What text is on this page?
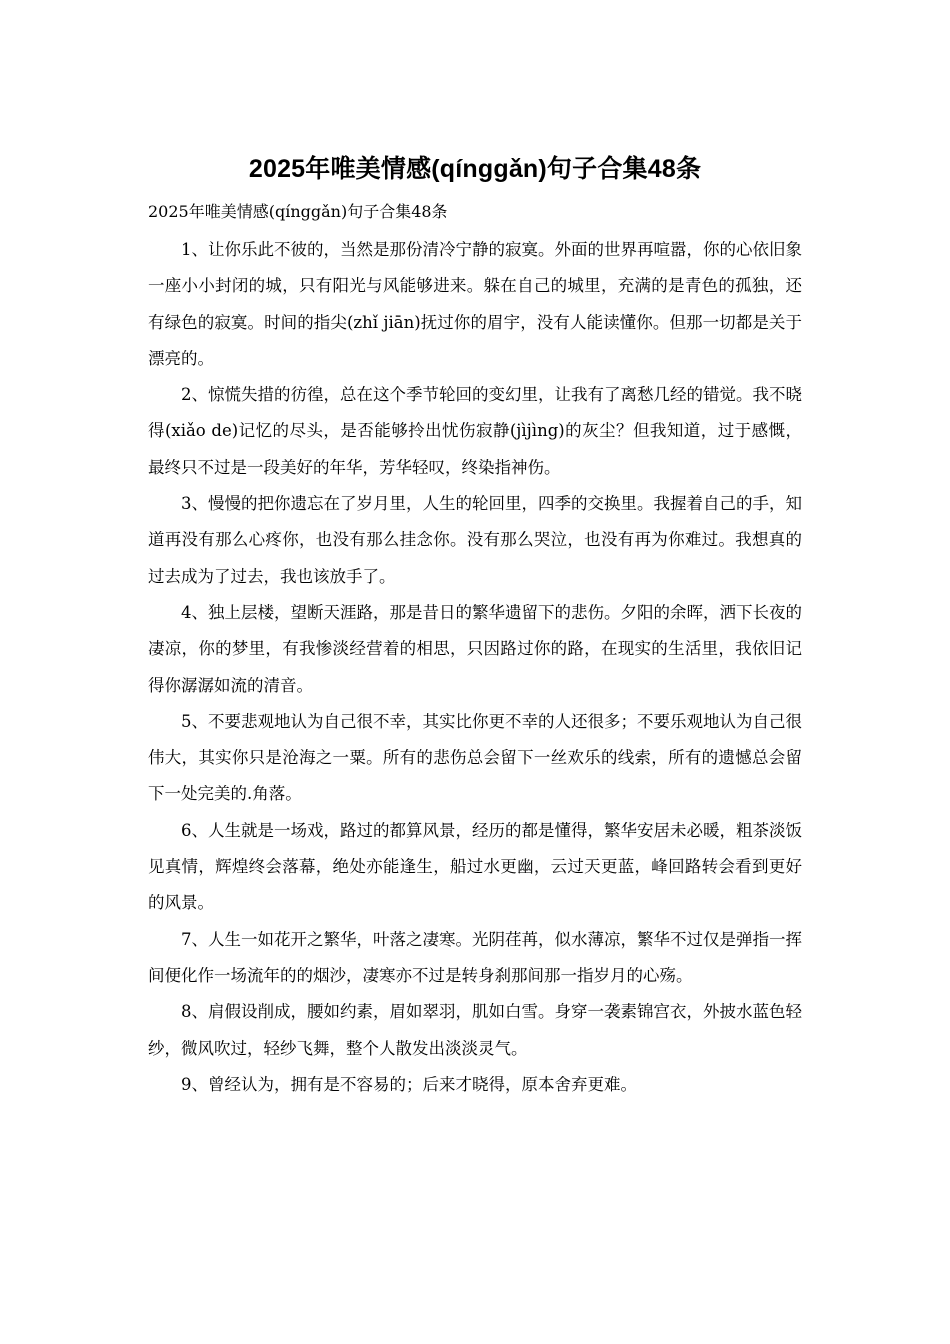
2025年唯美情感(qínggǎn)句子合集48条

2025年唯美情感(qínggǎn)句子合集48条

1、让你乐此不彼的，当然是那份清冷宁静的寂寞。外面的世界再喧嚣，你的心依旧象一座小小封闭的城，只有阳光与风能够进来。躲在自己的城里，充满的是青色的孤独，还有绿色的寂寞。时间的指尖(zhǐ jiān)抚过你的眉宇，没有人能读懂你。但那一切都是关于漂亮的。

2、惊慌失措的彷徨，总在这个季节轮回的变幻里，让我有了离愁几经的错觉。我不晓得(xiǎo de)记忆的尽头，是否能够拎出忧伤寂静(jìjìng)的灰尘？但我知道，过于感慨，最终只不过是一段美好的年华，芳华轻叹，终染指神伤。

3、慢慢的把你遗忘在了岁月里，人生的轮回里，四季的交换里。我握着自己的手，知道再没有那么心疼你，也没有那么挂念你。没有那么哭泣，也没有再为你难过。我想真的过去成为了过去，我也该放手了。

4、独上层楼，望断天涯路，那是昔日的繁华遗留下的悲伤。夕阳的余晖，洒下长夜的凄凉，你的梦里，有我惨淡经营着的相思，只因路过你的路，在现实的生活里，我依旧记得你潺潺如流的清音。

5、不要悲观地认为自己很不幸，其实比你更不幸的人还很多；不要乐观地认为自己很伟大，其实你只是沧海之一粟。所有的悲伤总会留下一丝欢乐的线索，所有的遗憾总会留下一处完美的.角落。

6、人生就是一场戏，路过的都算风景，经历的都是懂得，繁华安居未必暖，粗茶淡饭见真情，辉煌终会落幕，绝处亦能逢生，船过水更幽，云过天更蓝，峰回路转会看到更好的风景。

7、人生一如花开之繁华，叶落之凄寒。光阴荏苒，似水薄凉，繁华不过仅是弹指一挥间便化作一场流年的的烟沙，凄寒亦不过是转身刹那间那一指岁月的心殇。

8、肩假设削成，腰如约素，眉如翠羽，肌如白雪。身穿一袭素锦宫衣，外披水蓝色轻纱，微风吹过，轻纱飞舞，整个人散发出淡淡灵气。

9、曾经认为，拥有是不容易的；后来才晓得，原本舍弃更难。
